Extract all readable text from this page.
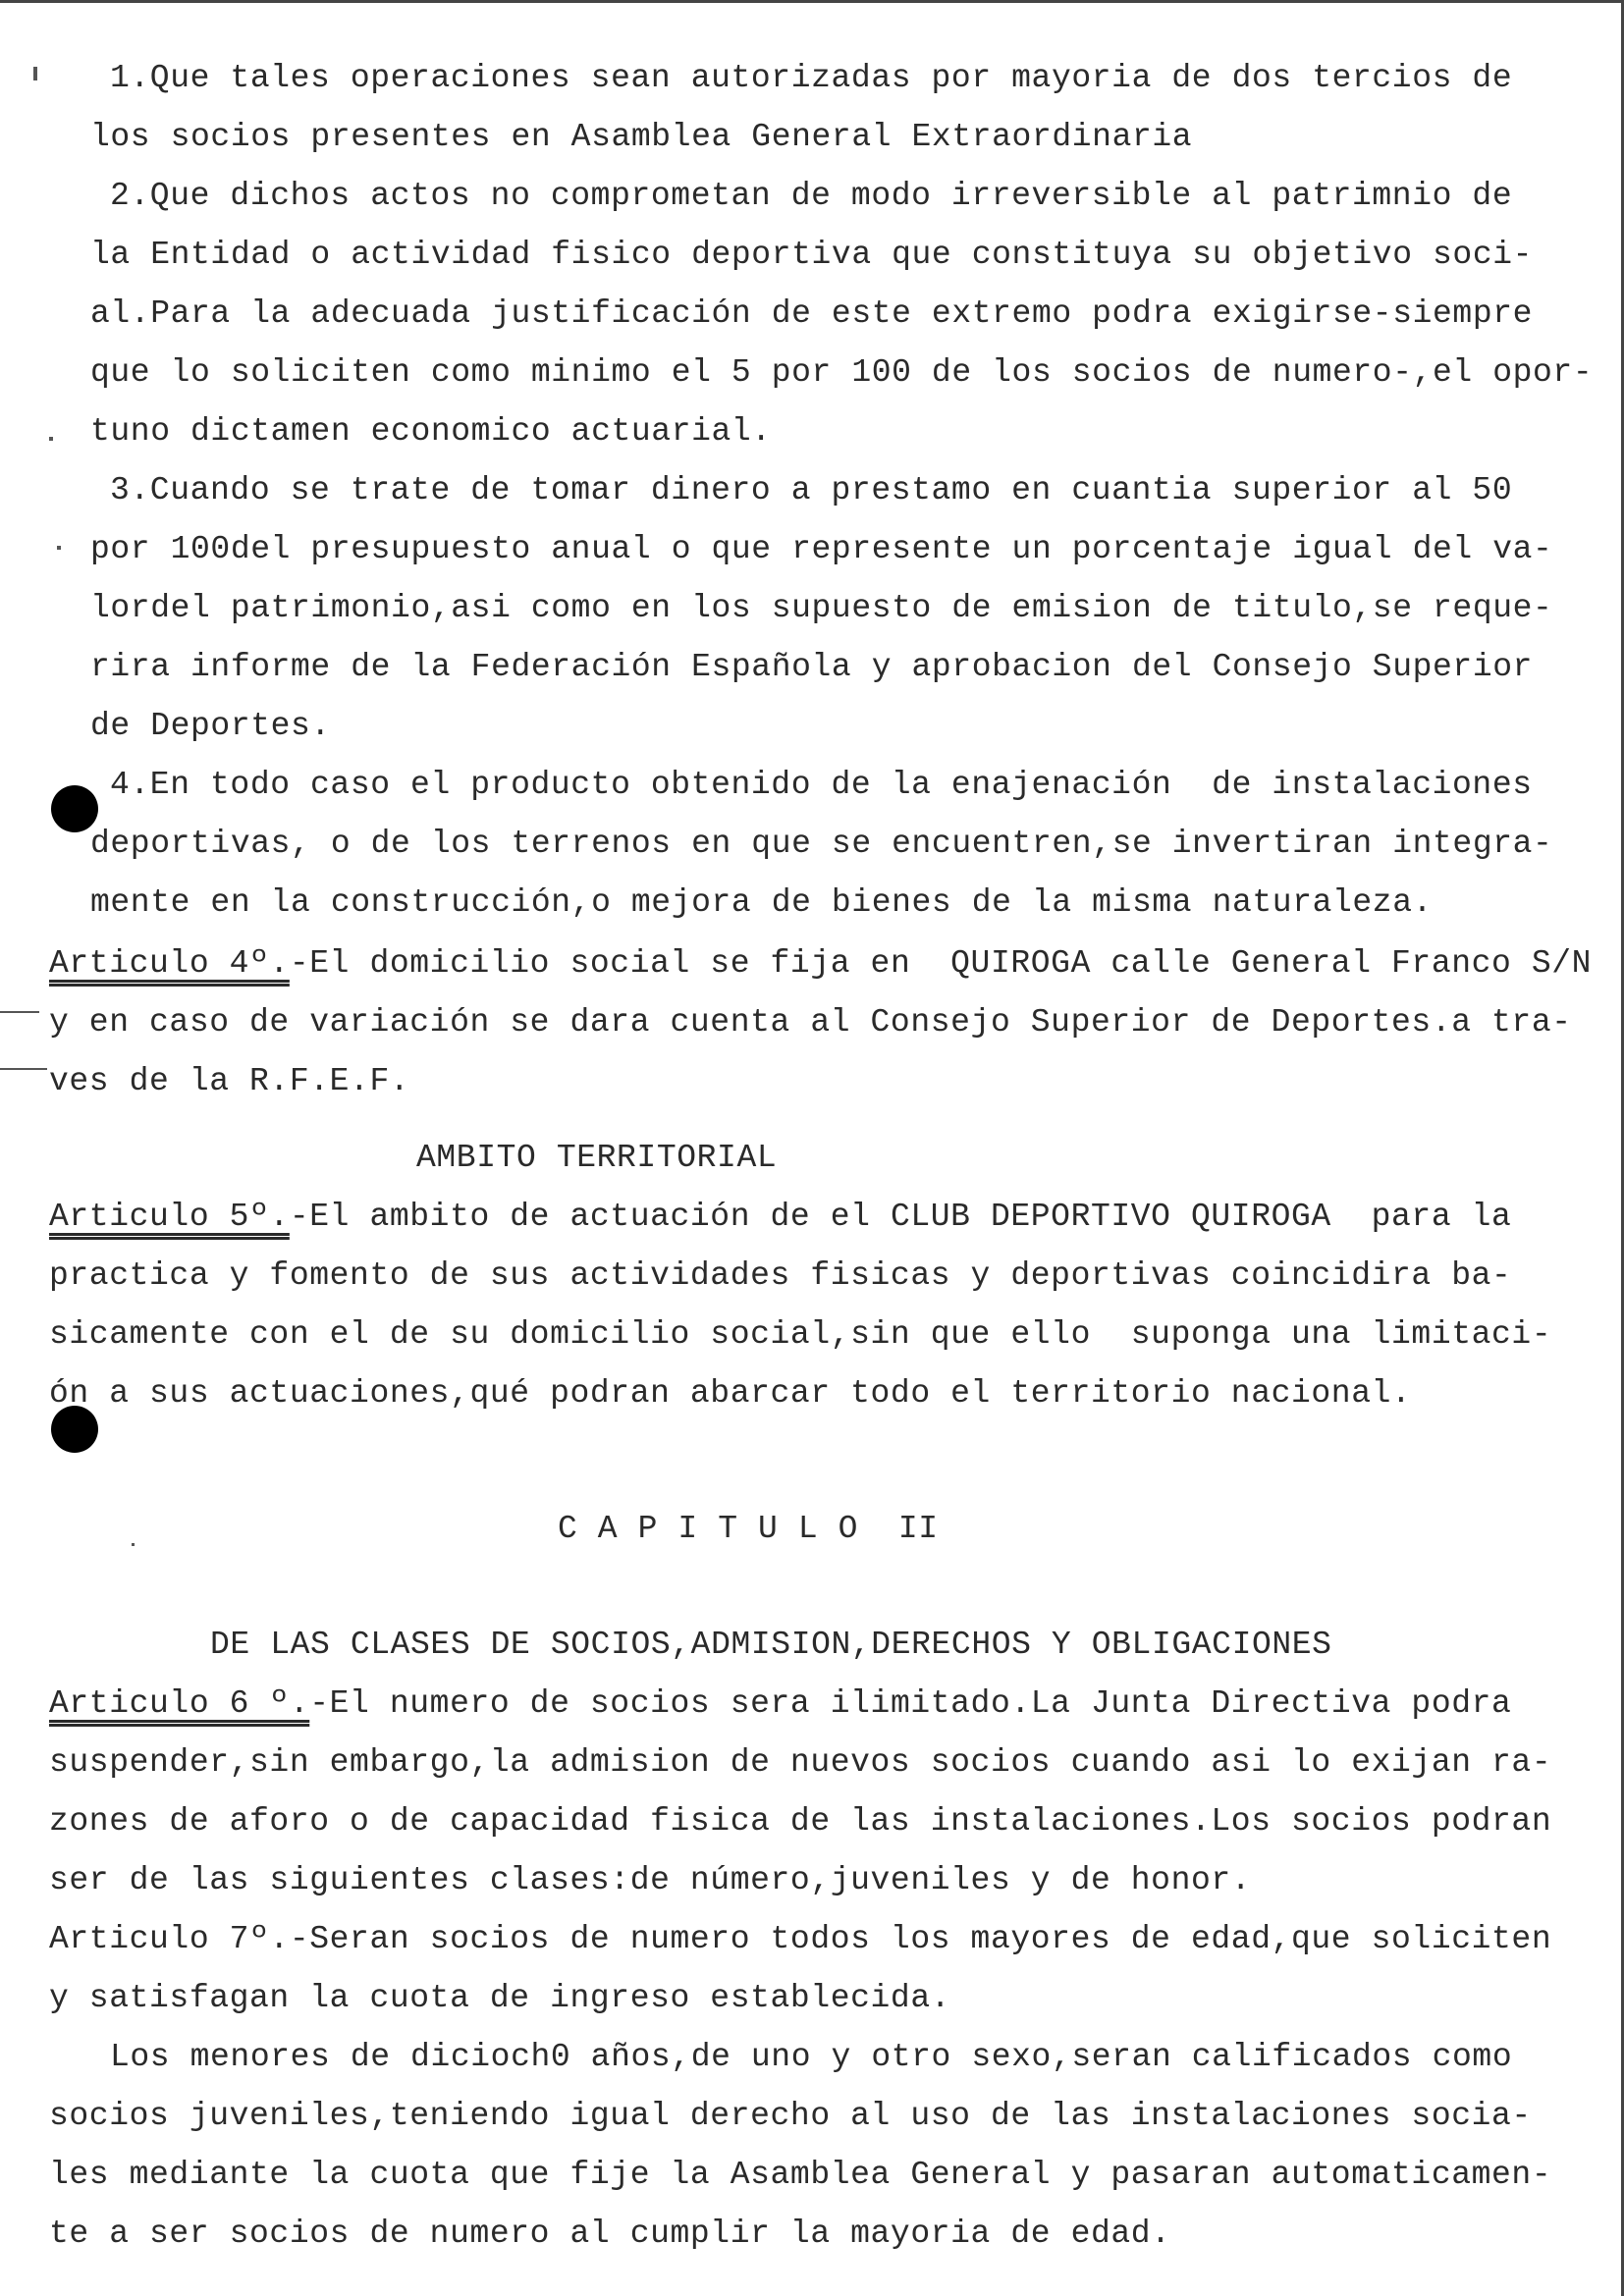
1.Que tales operaciones sean autorizadas por mayoria de dos tercios de
los socios presentes en Asamblea General Extraordinaria
2.Que dichos actos no comprometan de modo irreversible al patrimnio de
la Entidad o actividad fisico deportiva que constituya su objetivo soci-
al.Para la adecuada justificación de este extremo podra exigirse-siempre
que lo soliciten como minimo el 5 por 100 de los socios de numero-,el opor-
tuno dictamen economico actuarial.
3.Cuando se trate de tomar dinero a prestamo en cuantia superior al 50
por 100del presupuesto anual o que represente un porcentaje igual del va-
lordel patrimonio,asi como en los supuesto de emision de titulo,se reque-
rira informe de la Federación Española y aprobacion del Consejo Superior
de Deportes.
4.En todo caso el producto obtenido de la enajenación  de instalaciones
deportivas, o de los terrenos en que se encuentren,se invertiran integra-
mente en la construcción,o mejora de bienes de la misma naturaleza.
Articulo 4º.-El domicilio social se fija en  QUIROGA calle General Franco S/N
y en caso de variación se dara cuenta al Consejo Superior de Deportes.a tra-
ves de la R.F.E.F.
AMBITO TERRITORIAL
Articulo 5º.-El ambito de actuación de el CLUB DEPORTIVO QUIROGA  para la
practica y fomento de sus actividades fisicas y deportivas coincidira ba-
sicamente con el de su domicilio social,sin que ello  suponga una limitaci-
ón a sus actuaciones,qué podran abarcar todo el territorio nacional.
C A P I T U L O  II
DE LAS CLASES DE SOCIOS,ADMISION,DERECHOS Y OBLIGACIONES
Articulo 6 º.-El numero de socios sera ilimitado.La Junta Directiva podra
suspender,sin embargo,la admision de nuevos socios cuando asi lo exijan ra-
zones de aforo o de capacidad fisica de las instalaciones.Los socios podran
ser de las siguientes clases:de número,juveniles y de honor.
Articulo 7º.-Seran socios de numero todos los mayores de edad,que soliciten
y satisfagan la cuota de ingreso establecida.
Los menores de dicioch0 años,de uno y otro sexo,seran calificados como
socios juveniles,teniendo igual derecho al uso de las instalaciones socia-
les mediante la cuota que fije la Asamblea General y pasaran automaticamen-
te a ser socios de numero al cumplir la mayoria de edad.
